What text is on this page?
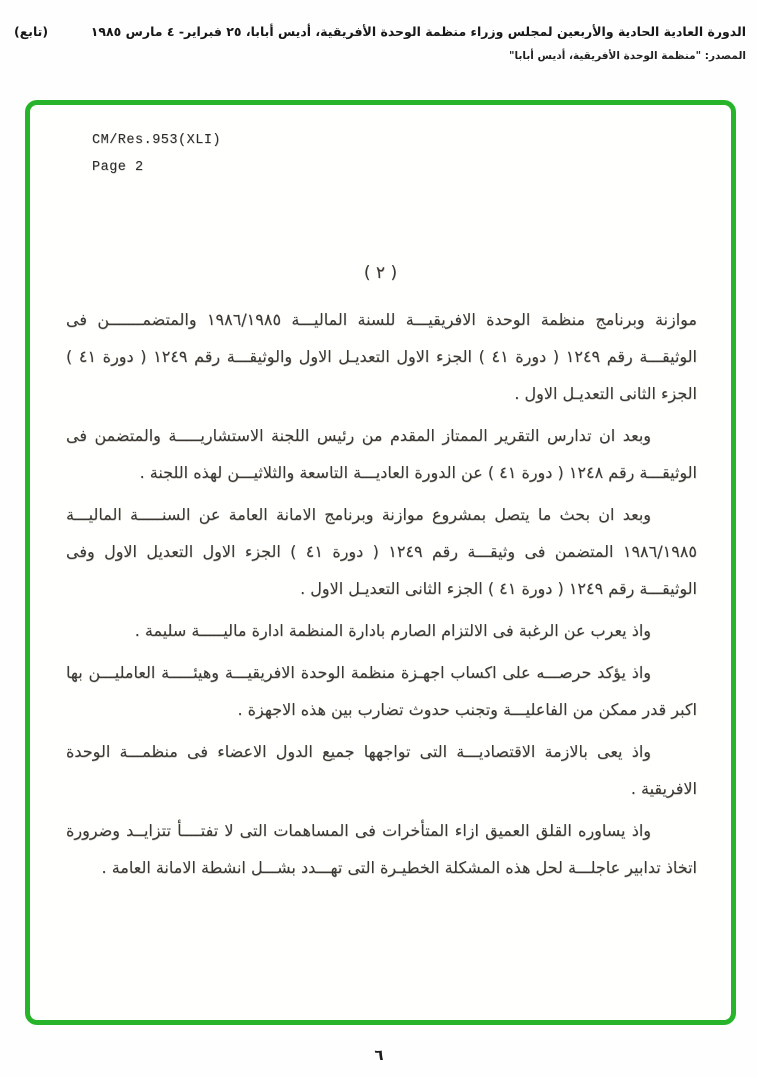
الدورة العادية الحادية والأربعين لمجلس وزراء منظمة الوحدة الأفريقية، أديس أبابا، ٢٥ فبراير- ٤ مارس ١٩٨٥
(تابع)
المصدر: "منظمة الوحدة الأفريقية، أديس أبابا"
CM/Res.953(XLI)
Page 2
( ٢ )

موازنة وبرنامج منظمة الوحدة الافريقيـــة للسنة الماليـــة ١٩٨٦/١٩٨٥ والمتضمـــــــن فى الوثيقـــة رقم ١٢٤٩ ( دورة ٤١ ) الجزء الاول التعديـل الاول والوثيقـــة رقم ١٢٤٩ ( دورة ٤١ ) الجزء الثانى التعديـل الاول .

وبعد ان تدارس التقرير الممتاز المقدم من رئيس اللجنة الاستشاريـــــة والمتضمن فى الوثيقـــة رقم ١٢٤٨ ( دورة ٤١ ) عن الدورة العاديـــة التاسعة والثلاثيـــن لهذه اللجنة .

وبعد ان بحث ما يتصل بمشروع موازنة وبرنامج الامانة العامة عن السنـــــة الماليـــة ١٩٨٦/١٩٨٥ المتضمن فى وثيقـــة رقم ١٢٤٩ ( دورة ٤١ ) الجزء الاول التعديل الاول وفى الوثيقـــة رقم ١٢٤٩ ( دورة ٤١ ) الجزء الثانى التعديـل الاول .

واذ يعرب عن الرغبة فى الالتزام الصارم بادارة المنظمة ادارة ماليـــــة سليمة .

واذ يؤكد حرصـــه على اكساب اجهـزة منظمة الوحدة الافريقيـــة وهيئـــــة العامليـــن بها اكبر قدر ممكن من الفاعليـــة وتجنب حدوث تضارب بين هذه الاجهزة .

واذ يعى بالازمة الاقتصاديـــة التى تواجهها جميع الدول الاعضاء فى منظمـــة الوحدة الافريقية .

واذ يساوره القلق العميق ازاء المتأخرات فى المساهمات التى لا تفتــــأ تتزايــد وضرورة اتخاذ تدابير عاجلـــة لحل هذه المشكلة الخطيـرة التى تهـــدد بشـــل انشطة الامانة العامة .

٦
